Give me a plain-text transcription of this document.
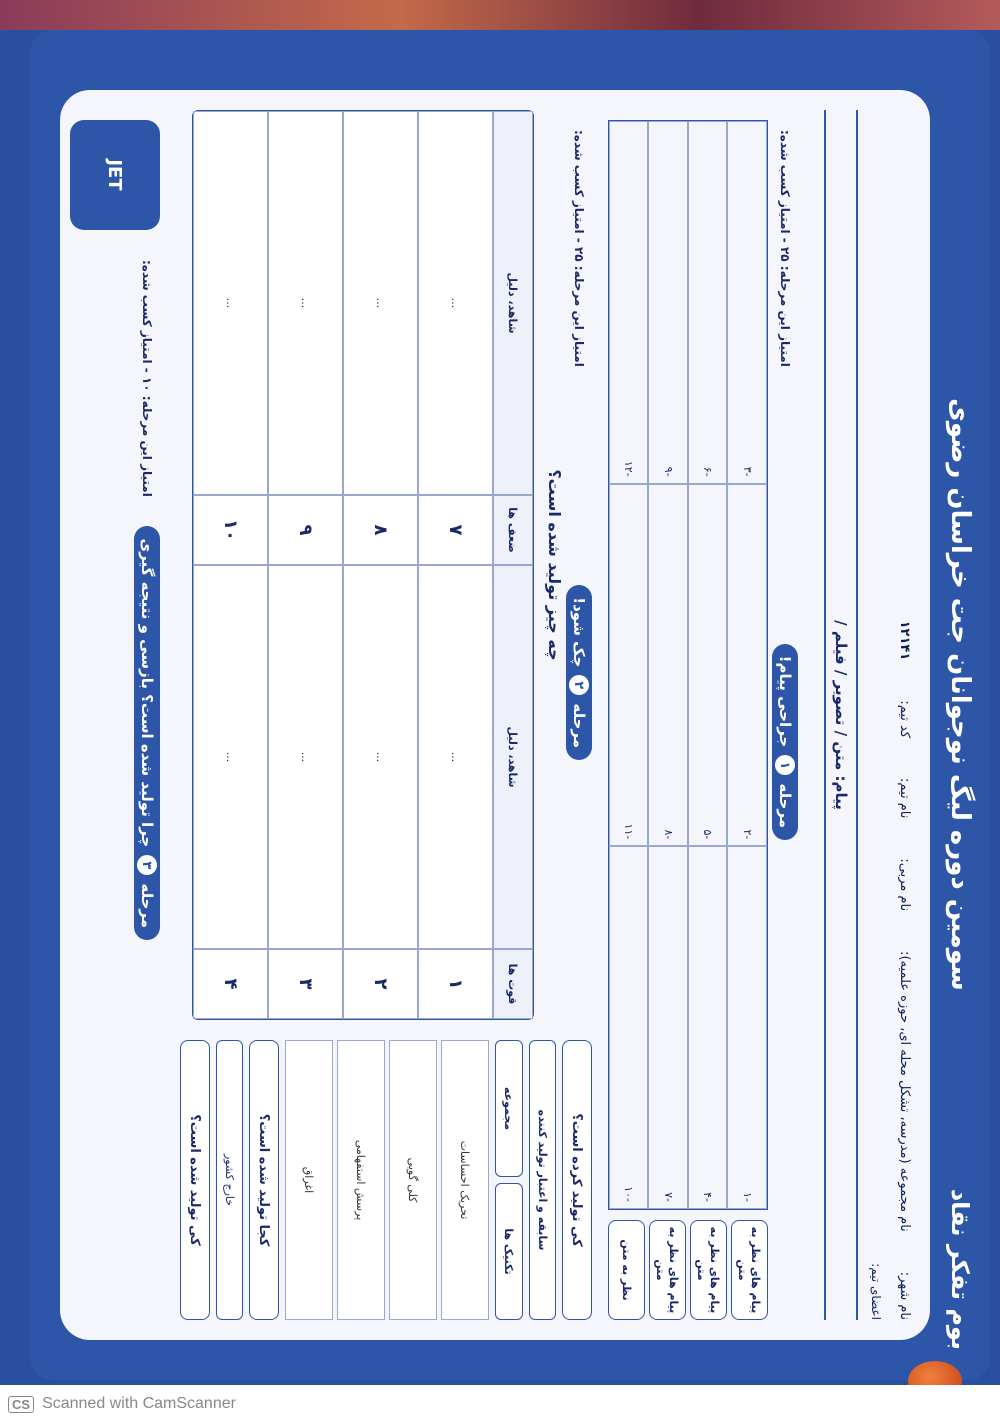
بوم تفکر نقاد
سومین دوره لیگ نوجوانان جت خراسان رضوی
نام شهر:
نام مجموعه (مدرسه، تشکل محله ای، حوزه علمیه):
نام مربی:
نام تیم:
کد تیم:
۱۲۱۴۱
اعضای تیم:
پیام: متن / تصویر / فیلم /
مرحله
۱
جراحی پیام!
امتیاز این مرحله: ۲۵ - امتیاز کسب شده:
پیام های نظر به متن
پیام های نظر به متن
پیام های نظر به متن
نظر به متن
-۱
-۲
-۳
-۴
-۵
-۶
-۷
-۸
-۹
-۱۰
-۱۱
-۱۲
مرحله
۲
چک شود!
امتیاز این مرحله: ۲۵ - امتیاز کسب شده:
چه چیز تولید شده است؟
کی تولید کرده است؟
سابقه و اعتبار تولید کننده
تکنیک ها
مجموعه
تحریک احساسات
کلی گویی
پرسش استفهامی
اغراق
کجا تولید شده است؟
خارج کشور
کی تولید شده است؟
قوت ها
شاهد، دلیل
ضعف ها
شاهد، دلیل
۱
...
۷
...
۲
...
۸
...
۳
...
۹
...
۴
...
۱۰
...
مرحله
۳
چرا تولید شده است؟ بازسی و نتیجه گیری
امتیاز این مرحله: ۱۰ - امتیاز کسب شده:
JET
CS Scanned with CamScanner
